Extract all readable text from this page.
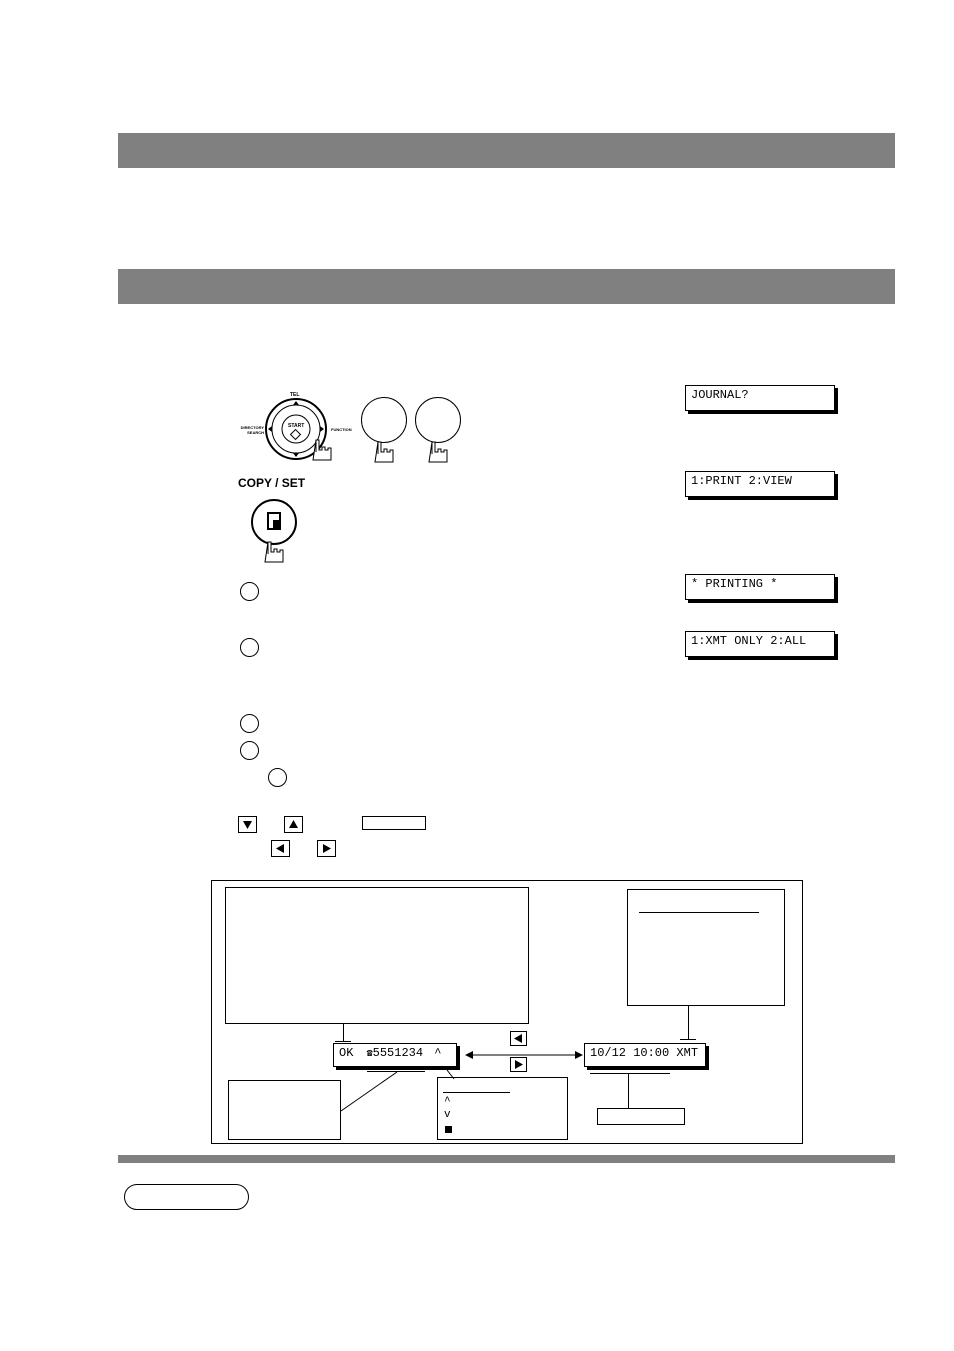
START
TEL
DIRECTORY SEARCH
FUNCTION
COPY / SET
JOURNAL?
1:PRINT 2:VIEW
* PRINTING *
1:XMT ONLY 2:ALL
OK ☎5551234 ^	10/12 10:00 XMT
^
v
